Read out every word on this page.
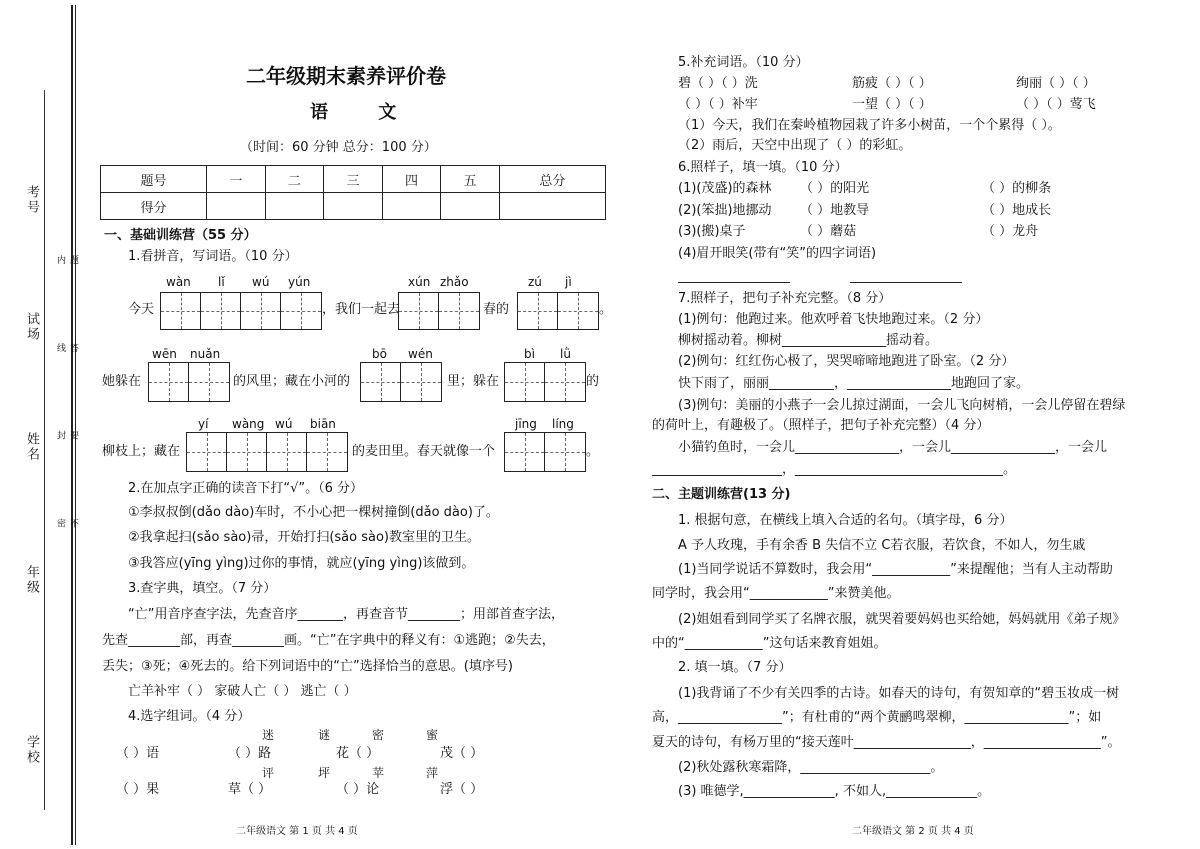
考号
试场
姓名
年级
学校
题 答 要 不 内 线 封 密
二年级期末素养评价卷
语 文
（时间：60 分钟 总分：100 分）
题号	一	二	三	四	五	总分
得分						
一、基础训练营（55 分）
1.看拼音，写词语。（10 分）
wàn lǐ wú yún	xún zhǎo	zú jì
今天	，我们一起去	春的	。
wēn nuǎn	bō wén	bì lǜ
她躲在	的风里；藏在小河的	里；躲在	的
yí wàng wú biān	jīng líng
柳枝上；藏在	的麦田里。春天就像一个	。
2.在加点字正确的读音下打“√”。（6 分）
①李叔叔倒(dǎo dào)车时，不小心把一棵树撞倒(dǎo dào)了。
②我拿起扫(sǎo sào)帚，开始打扫(sǎo sào)教室里的卫生。
③我答应(yīng yìng)过你的事情，就应(yīng yìng)该做到。
3.查字典，填空。（7 分）
“亡”用音序查字法，先查音序_______，再查音节________；用部首查字法，
先查________部，再查________画。“亡”在字典中的释义有：①逃跑；②失去，
丢失；③死；④死去的。给下列词语中的“亡”选择恰当的意思。(填序号)
亡羊补牢（ ） 家破人亡（ ） 逃亡（ ）
4.选字组词。（4 分）
迷	谜	密	蜜
（ ）语	（ ）路	花（ ）	茂（ ）
评	坪	苹	萍
（ ）果	草（ ）	（ ）论	浮（ ）
二年级语文 第 1 页 共 4 页
5.补充词语。（10 分）
碧（ ）（ ）洗	筋疲（ ）（ ）	绚丽（ ）（ ）
（ ）（ ）补牢	一望（ ）（ ）	（ ）（ ）莺飞
（1）今天，我们在秦岭植物园栽了许多小树苗，一个个累得（ ）。
（2）雨后，天空中出现了（ ）的彩虹。
6.照样子，填一填。（10 分）
(1)(茂盛)的森林 （ ）的阳光	（ ）的柳条
(2)(笨拙)地挪动 （ ）地教导	（ ）地成长
(3)(搬)桌子	（ ）蘑菇	（ ）龙舟
(4)眉开眼笑(带有“笑”的四字词语)
7.照样子，把句子补充完整。（8 分）
(1)例句：他跑过来。他欢呼着飞快地跑过来。（2 分）
柳树摇动着。柳树________________摇动着。
(2)例句：红红伤心极了，哭哭啼啼地跑进了卧室。（2 分）
快下雨了，丽丽__________，________________地跑回了家。
(3)例句：美丽的小燕子一会儿掠过湖面，一会儿飞向树梢，一会儿停留在碧绿
的荷叶上，有趣极了。（照样子，把句子补充完整）（4 分）
小猫钓鱼时，一会儿________________，一会儿________________，一会儿
____________________，________________________________。
二、主题训练营(13 分)
1. 根据句意，在横线上填入合适的名句。（填字母，6 分）
A 予人玫瑰，手有余香 B 失信不立 C若衣服，若饮食，不如人，勿生戚
(1)当同学说话不算数时，我会用“____________”来提醒他；当有人主动帮助
同学时，我会用“____________”来赞美他。
(2)姐姐看到同学买了名牌衣服，就哭着要妈妈也买给她，妈妈就用《弟子规》
中的“____________”这句话来教育姐姐。
2. 填一填。（7 分）
(1)我背诵了不少有关四季的古诗。如春天的诗句，有贺知章的“碧玉妆成一树
高，________________”；有杜甫的“两个黄鹂鸣翠柳，________________”；如
夏天的诗句，有杨万里的“接天莲叶__________________，__________________”。
(2)秋处露秋寒霜降，____________________。
(3) 唯德学,______________, 不如人,______________。
二年级语文 第 2 页 共 4 页
